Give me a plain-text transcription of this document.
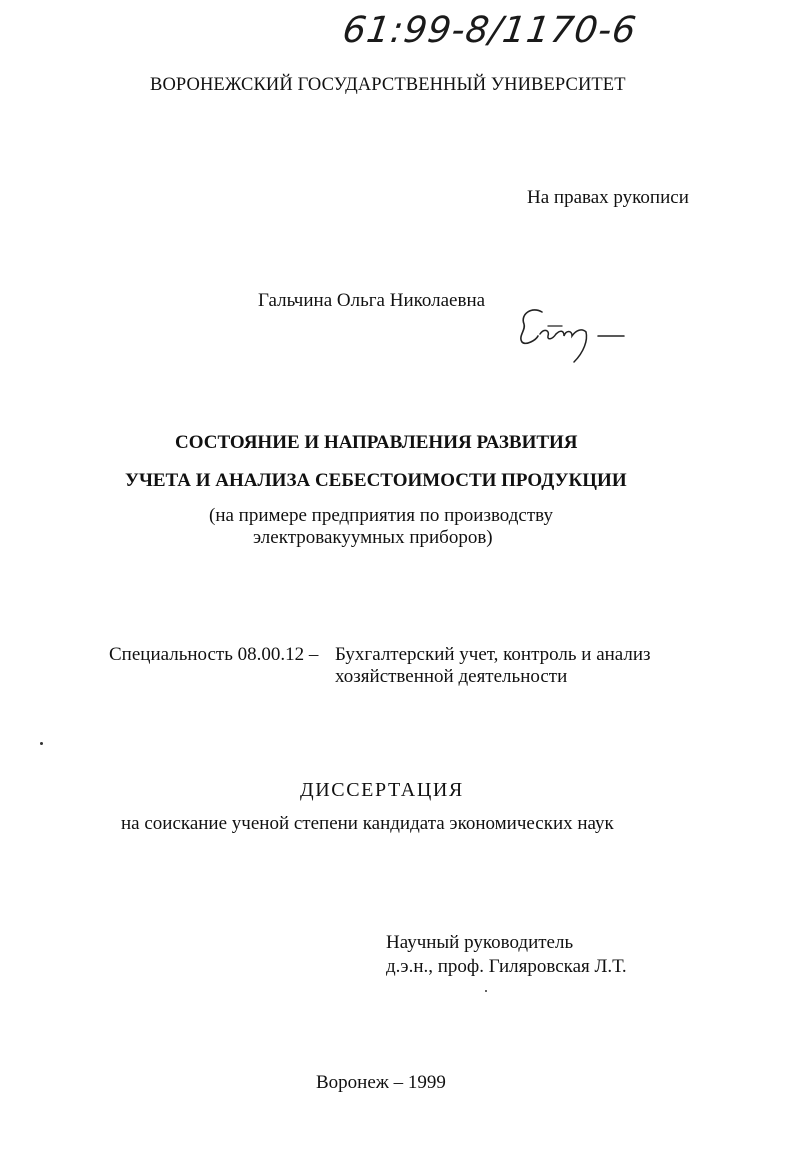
61:99-8/1170-6

ВОРОНЕЖСКИЙ ГОСУДАРСТВЕННЫЙ УНИВЕРСИТЕТ

На правах рукописи

Гальчина Ольга Николаевна

СОСТОЯНИЕ И НАПРАВЛЕНИЯ РАЗВИТИЯ

УЧЕТА И АНАЛИЗА СЕБЕСТОИМОСТИ ПРОДУКЦИИ

(на примере предприятия по производству

электровакуумных приборов)

Специальность 08.00.12 – Бухгалтерский учет, контроль и анализ

хозяйственной деятельности

ДИССЕРТАЦИЯ

на соискание ученой степени кандидата экономических наук

Научный руководитель

д.э.н., проф. Гиляровская Л.Т.

Воронеж – 1999
